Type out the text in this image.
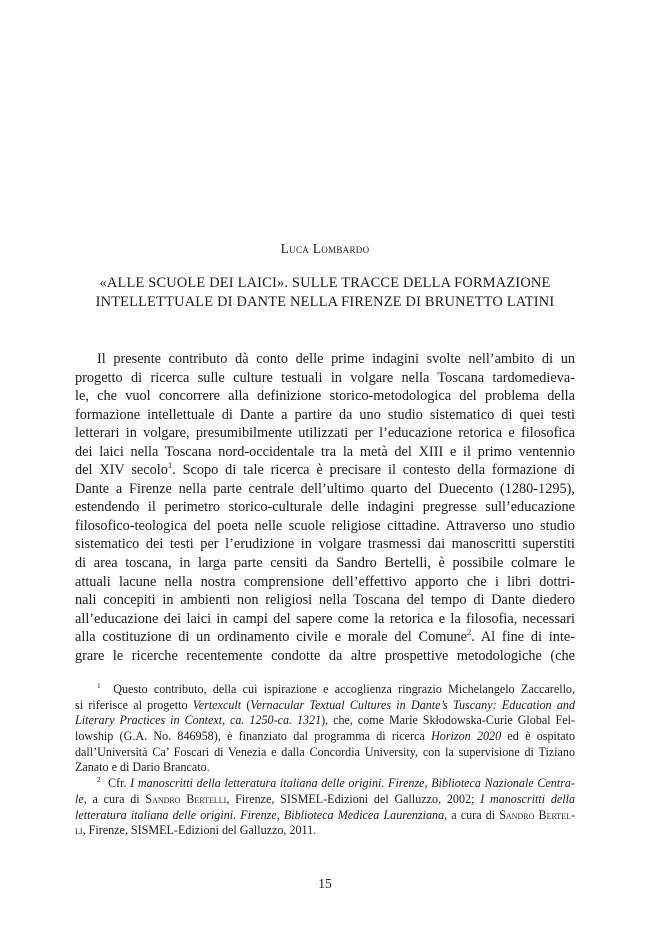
Luca Lombardo
«ALLE SCUOLE DEI LAICI». SULLE TRACCE DELLA FORMAZIONE
INTELLETTUALE DI DANTE NELLA FIRENZE DI BRUNETTO LATINI
Il presente contributo dà conto delle prime indagini svolte nell’ambito di un
progetto di ricerca sulle culture testuali in volgare nella Toscana tardomedieva-
le, che vuol concorrere alla definizione storico-metodologica del problema della
formazione intellettuale di Dante a partire da uno studio sistematico di quei testi
letterari in volgare, presumibilmente utilizzati per l’educazione retorica e filosofica
dei laici nella Toscana nord-occidentale tra la metà del XIII e il primo ventennio
del XIV secolo$^1$. Scopo di tale ricerca è precisare il contesto della formazione di
Dante a Firenze nella parte centrale dell’ultimo quarto del Duecento (1280-1295),
estendendo il perimetro storico-culturale delle indagini pregresse sull’educazione
filosofico-teologica del poeta nelle scuole religiose cittadine. Attraverso uno studio
sistematico dei testi per l’erudizione in volgare trasmessi dai manoscritti superstiti
di area toscana, in larga parte censiti da Sandro Bertelli, è possibile colmare le
attuali lacune nella nostra comprensione dell’effettivo apporto che i libri dottri-
nali concepiti in ambienti non religiosi nella Toscana del tempo di Dante diedero
all’educazione dei laici in campi del sapere come la retorica e la filosofia, necessari
alla costituzione di un ordinamento civile e morale del Comune$^2$. Al fine di inte-
grare le ricerche recentemente condotte da altre prospettive metodologiche (che
$^1$ Questo contributo, della cui ispirazione e accoglienza ringrazio Michelangelo Zaccarello,
si riferisce al progetto Vertexcult (Vernacular Textual Cultures in Dante’s Tuscany: Education and
Literary Practices in Context, ca. 1250-ca. 1321), che, come Marie Skłodowska-Curie Global Fel-
lowship (G.A. No. 846958), è finanziato dal programma di ricerca Horizon 2020 ed è ospitato
dall’Università Ca’ Foscari di Venezia e dalla Concordia University, con la supervisione di Tiziano
Zanato e di Dario Brancato.
$^2$ Cfr. I manoscritti della letteratura italiana delle origini. Firenze, Biblioteca Nazionale Centra-
le, a cura di Sandro Bertelli, Firenze, SISMEL-Edizioni del Galluzzo, 2002; I manoscritti della
letteratura italiana delle origini. Firenze, Biblioteca Medicea Laurenziana, a cura di Sandro Bertel-
li, Firenze, SISMEL-Edizioni del Galluzzo, 2011.
15
